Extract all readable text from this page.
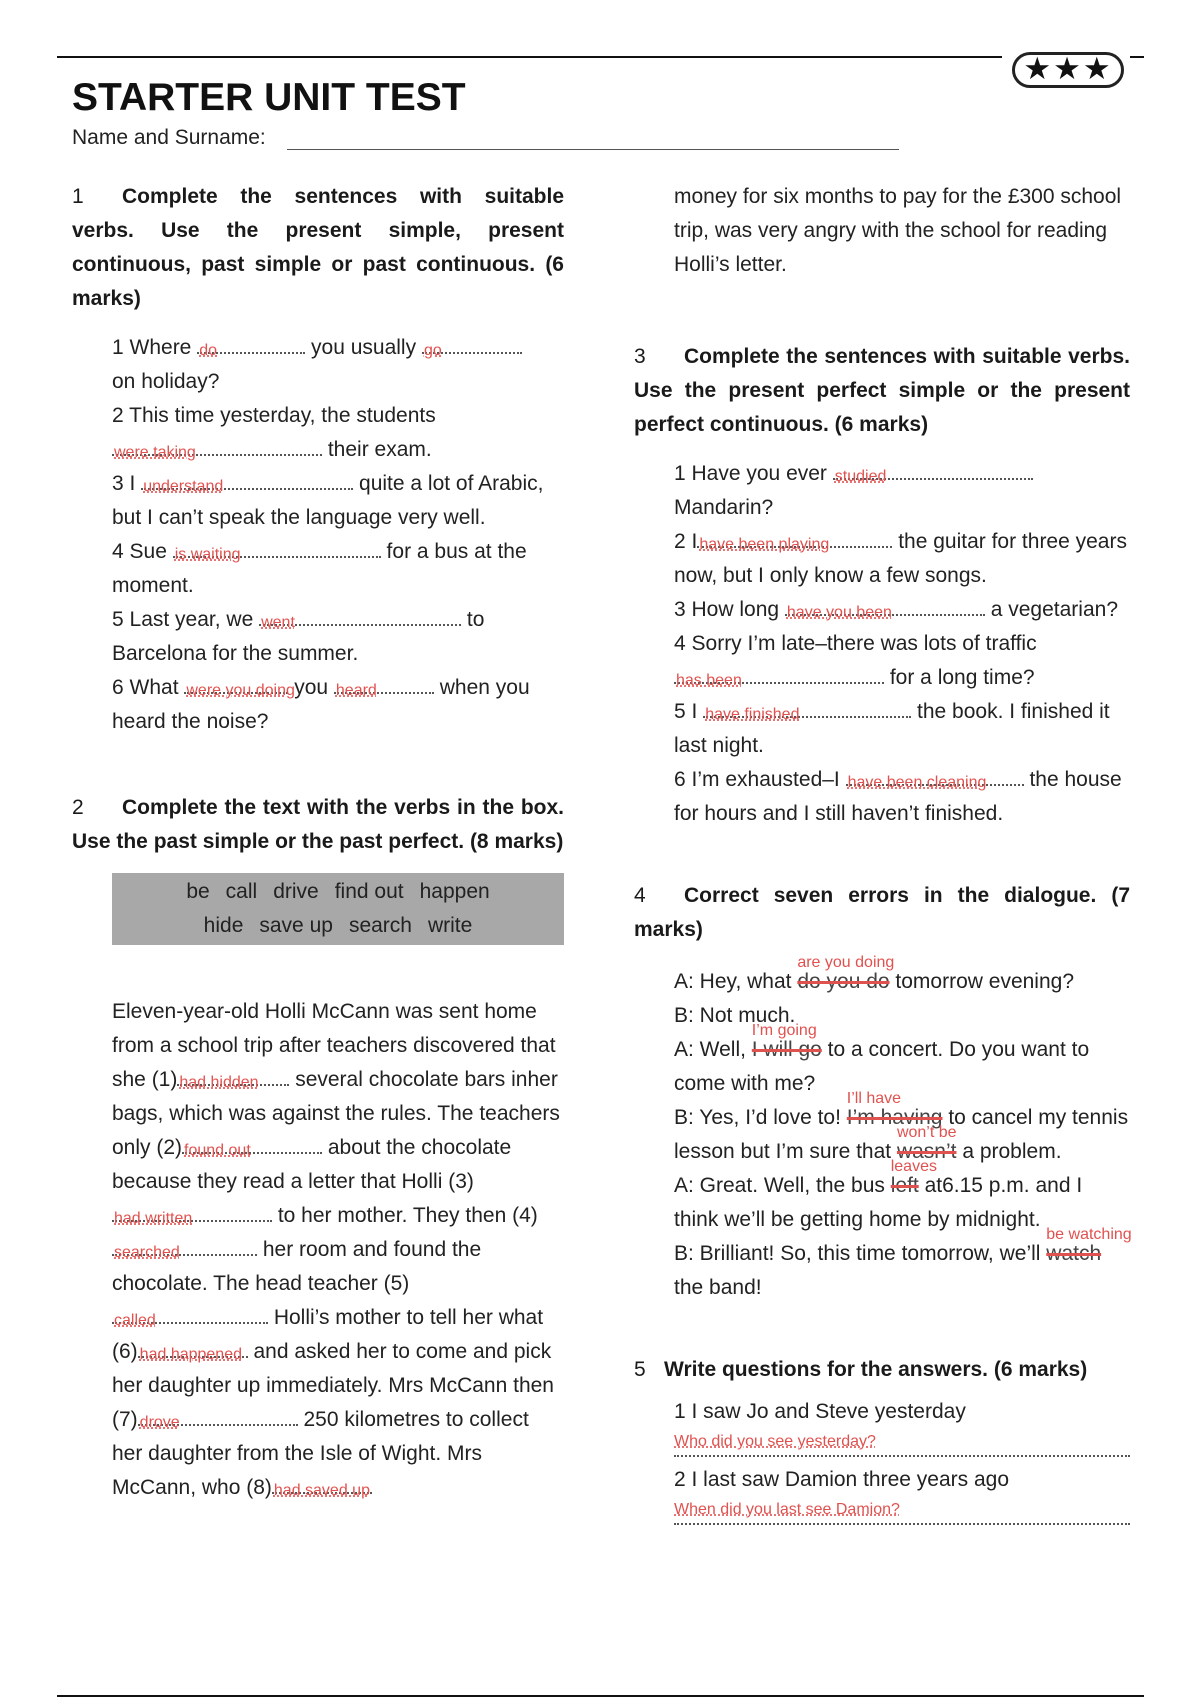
★★★
STARTER UNIT TEST
Name and Surname:

1 Complete the sentences with suitable verbs. Use the present simple, present continuous, past simple or past continuous. (6 marks)

1 Where do	you usually go

on holiday?

2 This time yesterday, the students

were taking	their exam.

3 I understand	quite a lot of Arabic, but I can’t speak the language very well.

4 Sue is waiting	for a bus at the moment.

5 Last year, we went	to Barcelona for the summer.

6 What were you doing
you heard	when you heard the noise?

2 Complete the text with the verbs in the box. Use the past simple or the past perfect. (8 marks)

be call drive find out happen
hide save up search write
Eleven-year-old Holli McCann was sent home from a school trip after teachers discovered that she (1) had hidden several chocolate bars inher bags, which was against the rules. The teachers only (2) found out	about the chocolate because they read a letter that Holli (3)
had written	to her mother. They then (4)
searched	her room and found the chocolate. The head teacher (5)
called	Holli’s mother to tell her what (6) had happened and asked her to come and pick her daughter up immediately. Mrs McCann then (7) drove	250 kilometres to collect her daughter from the Isle of Wight. Mrs McCann, who (8) had saved up

money for six months to pay for the £300 school trip, was very angry with the school for reading Holli’s letter.

3 Complete the sentences with suitable verbs. Use the present perfect simple or the present perfect continuous. (6 marks)

1 Have you ever studied
Mandarin?

2 I have been playing	the guitar for three years now, but I only know a few songs.

3 How long have you been	a vegetarian?

4 Sorry I’m late–there was lots of traffic

has been	for a long time?

5 I have finished	the book. I finished it last night.

6 I’m exhausted–I have been cleaning the house for hours and I still haven’t finished.

4 Correct seven errors in the dialogue. (7 marks)

A: Hey, what
are you doing
do you do tomorrow evening?

B: Not much.

A: Well,
I’m going
I will go to a concert. Do you want to come with me?

B: Yes, I’d love to!
I’ll have
I’m having to cancel my tennis lesson but I’m sure that
won’t be
wasn’t a problem.

A: Great. Well, the bus
leaves
left at6.15 p.m. and I think we’ll be getting home by midnight.

B: Brilliant! So, this time tomorrow, we’ll
be watching
watch the band!

5 Write questions for the answers. (6 marks)

1 I saw Jo and Steve yesterday

Who did you see yesterday?

2 I last saw Damion three years ago

When did you last see Damion?
